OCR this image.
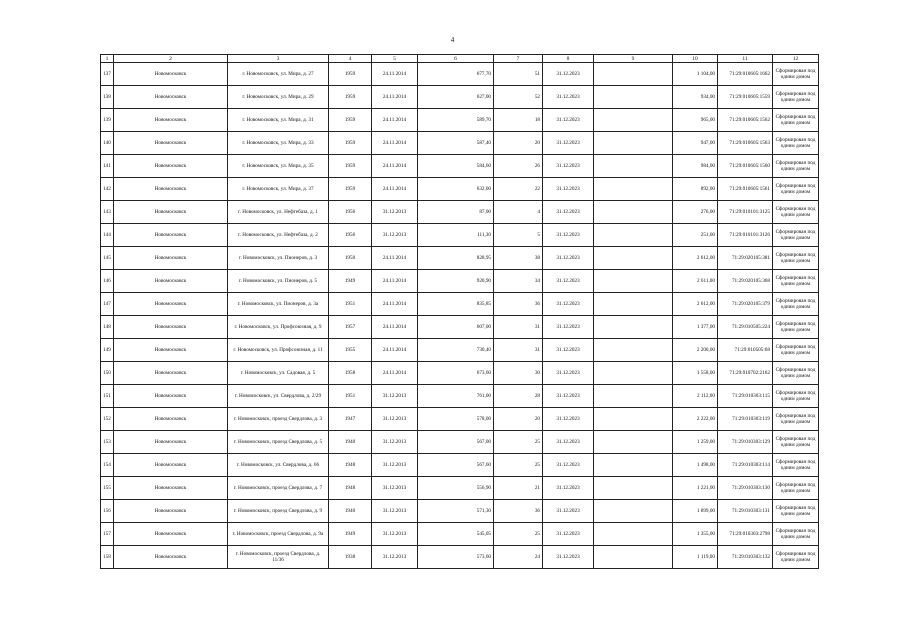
4
1	2	3	4	5	6	7	8	9	10	11	12
137	Новомосковск	г. Новомосковск, ул. Мира, д. 27	1959	24.11.2014	677,70	51	31.12.2023		1 104,00	71:29:010605:1662	Сформирован под одним домом
138	Новомосковск	г. Новомосковск, ул. Мира, д. 29	1959	24.11.2014	627,00	52	31.12.2023		934,00	71:29:010605:1559	Сформирован под одним домом
139	Новомосковск	г. Новомосковск, ул. Мира, д. 31	1959	24.11.2014	589,70	18	31.12.2023		965,00	71:29:010605:1562	Сформирован под одним домом
140	Новомосковск	г. Новомосковск, ул. Мира, д. 33	1959	24.11.2014	587,40	20	31.12.2023		947,00	71:29:010605:1563	Сформирован под одним домом
141	Новомосковск	г. Новомосковск, ул. Мира, д. 35	1959	24.11.2014	584,60	26	31.12.2023		984,00	71:29:010605:1560	Сформирован под одним домом
142	Новомосковск	г. Новомосковск, ул. Мира, д. 37	1959	24.11.2014	632,00	22	31.12.2023		892,00	71:29:010605:1561	Сформирован под одним домом
143	Новомосковск	г. Новомосковск, ул. Нефтебаза, д. 1	1956	31.12.2013	87,00	4	31.12.2023		276,00	71:29:010101:3125	Сформирован под одним домом
144	Новомосковск	г. Новомосковск, ул. Нефтебаза, д. 2	1956	31.12.2013	111,30	5	31.12.2023		251,00	71:29:010101:3126	Сформирован под одним домом
145	Новомосковск	г. Новомосковск, ул. Пионеров, д. 3	1950	24.11.2014	828,95	38	31.12.2023		2 612,00	71:29:020105:381	Сформирован под одним домом
146	Новомосковск	г. Новомосковск, ул. Пионеров, д. 5	1949	24.11.2014	920,90	34	31.12.2023		2 611,00	71:29:020105:368	Сформирован под одним домом
147	Новомосковск	г. Новомосковск, ул. Пионеров, д. 3а	1951	24.11.2014	835,85	36	31.12.2023		2 612,00	71:29:020105:379	Сформирован под одним домом
148	Новомосковск	г. Новомосковск, ул. Профсоюзная, д. 9	1957	24.11.2014	607,00	31	31.12.2023		1 377,00	71:29:010505:224	Сформирован под одним домом
149	Новомосковск	г. Новомосковск, ул. Профсоюзная, д. 11	1955	24.11.2014	730,40	31	31.12.2023		2 200,00	71:29:010505:68	Сформирован под одним домом
150	Новомосковск	г. Новомосковск, ул. Садовая, д. 5	1958	24.11.2014	673,60	30	31.12.2023		1 558,00	71:29:010702:2162	Сформирован под одним домом
151	Новомосковск	г. Новомосковск, ул. Свердлова, д. 2/29	1951	31.12.2013	761,00	28	31.12.2023		2 112,00	71:29:010303:115	Сформирован под одним домом
152	Новомосковск	г. Новомосковск, проезд Свердлова, д. 3	1947	31.12.2013	578,00	20	31.12.2023		2 222,00	71:29:010303:119	Сформирован под одним домом
153	Новомосковск	г. Новомосковск, проезд Свердлова, д. 5	1940	31.12.2013	567,00	25	31.12.2023		1 259,00	71:29:010303:129	Сформирован под одним домом
154	Новомосковск	г. Новомосковск, ул. Свердлова, д. 66	1948	31.12.2013	567,60	25	31.12.2023		1 498,00	71:29:010303:114	Сформирован под одним домом
155	Новомосковск	г. Новомосковск, проезд Свердлова, д. 7	1948	31.12.2013	556,90	21	31.12.2023		1 221,00	71:29:010303:130	Сформирован под одним домом
156	Новомосковск	г. Новомосковск, проезд Свердлова, д. 9	1940	31.12.2013	571,30	36	31.12.2023		1 899,00	71:29:010303:131	Сформирован под одним домом
157	Новомосковск	г. Новомосковск, проезд Свердлова, д. 9а	1949	31.12.2013	545,05	25	31.12.2023		1 355,00	71:29:010303:2798	Сформирован под одним домом
158	Новомосковск	г. Новомосковск, проезд Свердлова, д. 11/36	1938	31.12.2013	573,60	24	31.12.2023		1 119,00	71:29:010303:132	Сформирован под одним домом
